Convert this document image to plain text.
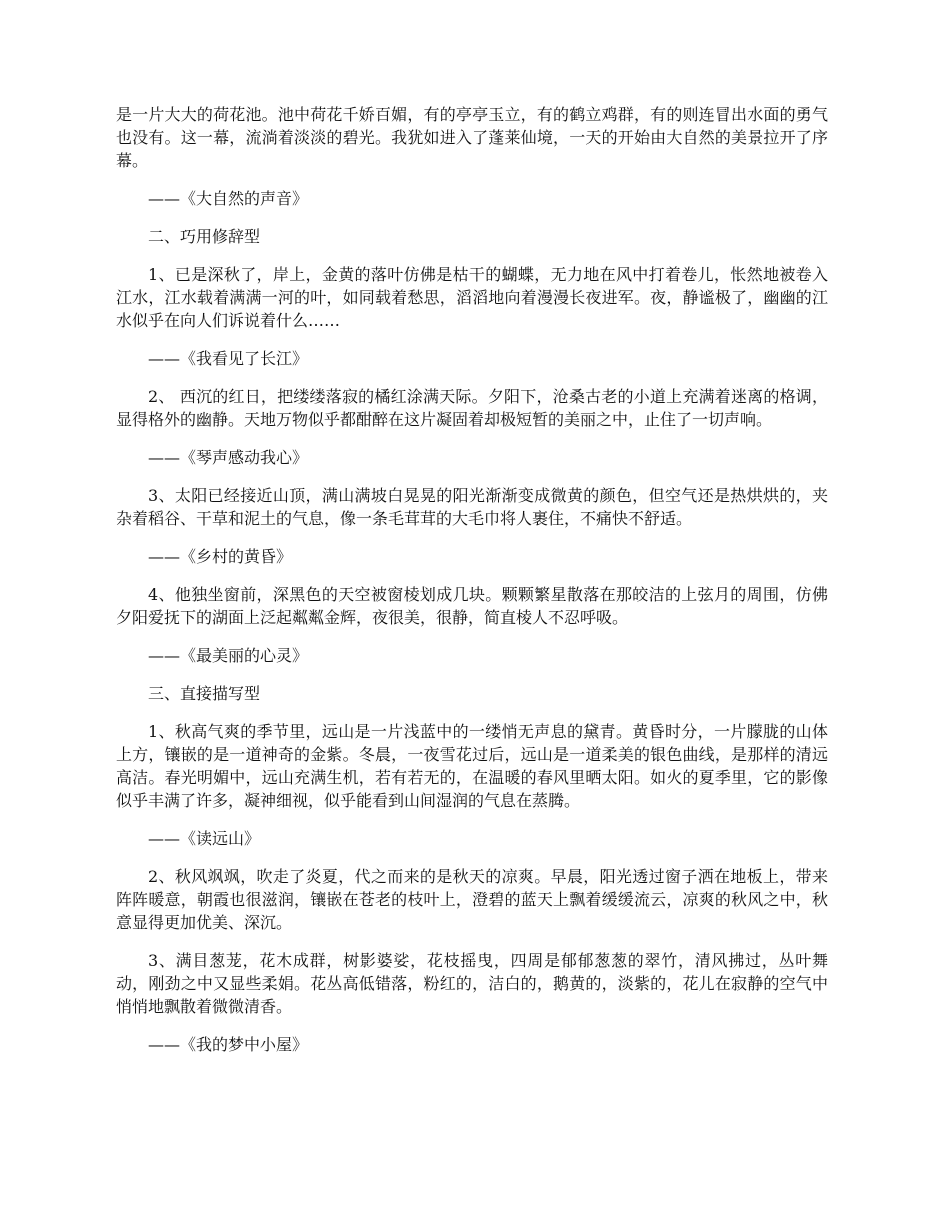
是一片大大的荷花池。池中荷花千娇百媚，有的亭亭玉立，有的鹤立鸡群，有的则连冒出水面的勇气也没有。这一幕，流淌着淡淡的碧光。我犹如进入了蓬莱仙境，一天的开始由大自然的美景拉开了序幕。

——《大自然的声音》

二、巧用修辞型

1、已是深秋了，岸上，金黄的落叶仿佛是枯干的蝴蝶，无力地在风中打着卷儿，怅然地被卷入江水，江水载着满满一河的叶，如同载着愁思，滔滔地向着漫漫长夜进军。夜，静谧极了，幽幽的江水似乎在向人们诉说着什么……

——《我看见了长江》

2、 西沉的红日，把缕缕落寂的橘红涂满天际。夕阳下，沧桑古老的小道上充满着迷离的格调，显得格外的幽静。天地万物似乎都酣醉在这片凝固着却极短暂的美丽之中，止住了一切声响。

——《琴声感动我心》

3、太阳已经接近山顶，满山满坡白晃晃的阳光渐渐变成微黄的颜色，但空气还是热烘烘的，夹杂着稻谷、干草和泥土的气息，像一条毛茸茸的大毛巾将人裹住，不痛快不舒适。

——《乡村的黄昏》

4、他独坐窗前，深黑色的天空被窗棱划成几块。颗颗繁星散落在那皎洁的上弦月的周围，仿佛夕阳爱抚下的湖面上泛起粼粼金辉，夜很美，很静，简直棱人不忍呼吸。

——《最美丽的心灵》

三、直接描写型

1、秋高气爽的季节里，远山是一片浅蓝中的一缕悄无声息的黛青。黄昏时分，一片朦胧的山体上方，镶嵌的是一道神奇的金紫。冬晨，一夜雪花过后，远山是一道柔美的银色曲线，是那样的清远高洁。春光明媚中，远山充满生机，若有若无的，在温暖的春风里晒太阳。如火的夏季里，它的影像似乎丰满了许多，凝神细视，似乎能看到山间湿润的气息在蒸腾。

——《读远山》

2、秋风飒飒，吹走了炎夏，代之而来的是秋天的凉爽。早晨，阳光透过窗子洒在地板上，带来阵阵暖意，朝霞也很滋润，镶嵌在苍老的枝叶上，澄碧的蓝天上飘着缓缓流云，凉爽的秋风之中，秋意显得更加优美、深沉。

3、满目葱茏，花木成群，树影婆娑，花枝摇曳，四周是郁郁葱葱的翠竹，清风拂过，丛叶舞动，刚劲之中又显些柔娟。花丛高低错落，粉红的，洁白的，鹅黄的，淡紫的，花儿在寂静的空气中悄悄地飘散着微微清香。

——《我的梦中小屋》
